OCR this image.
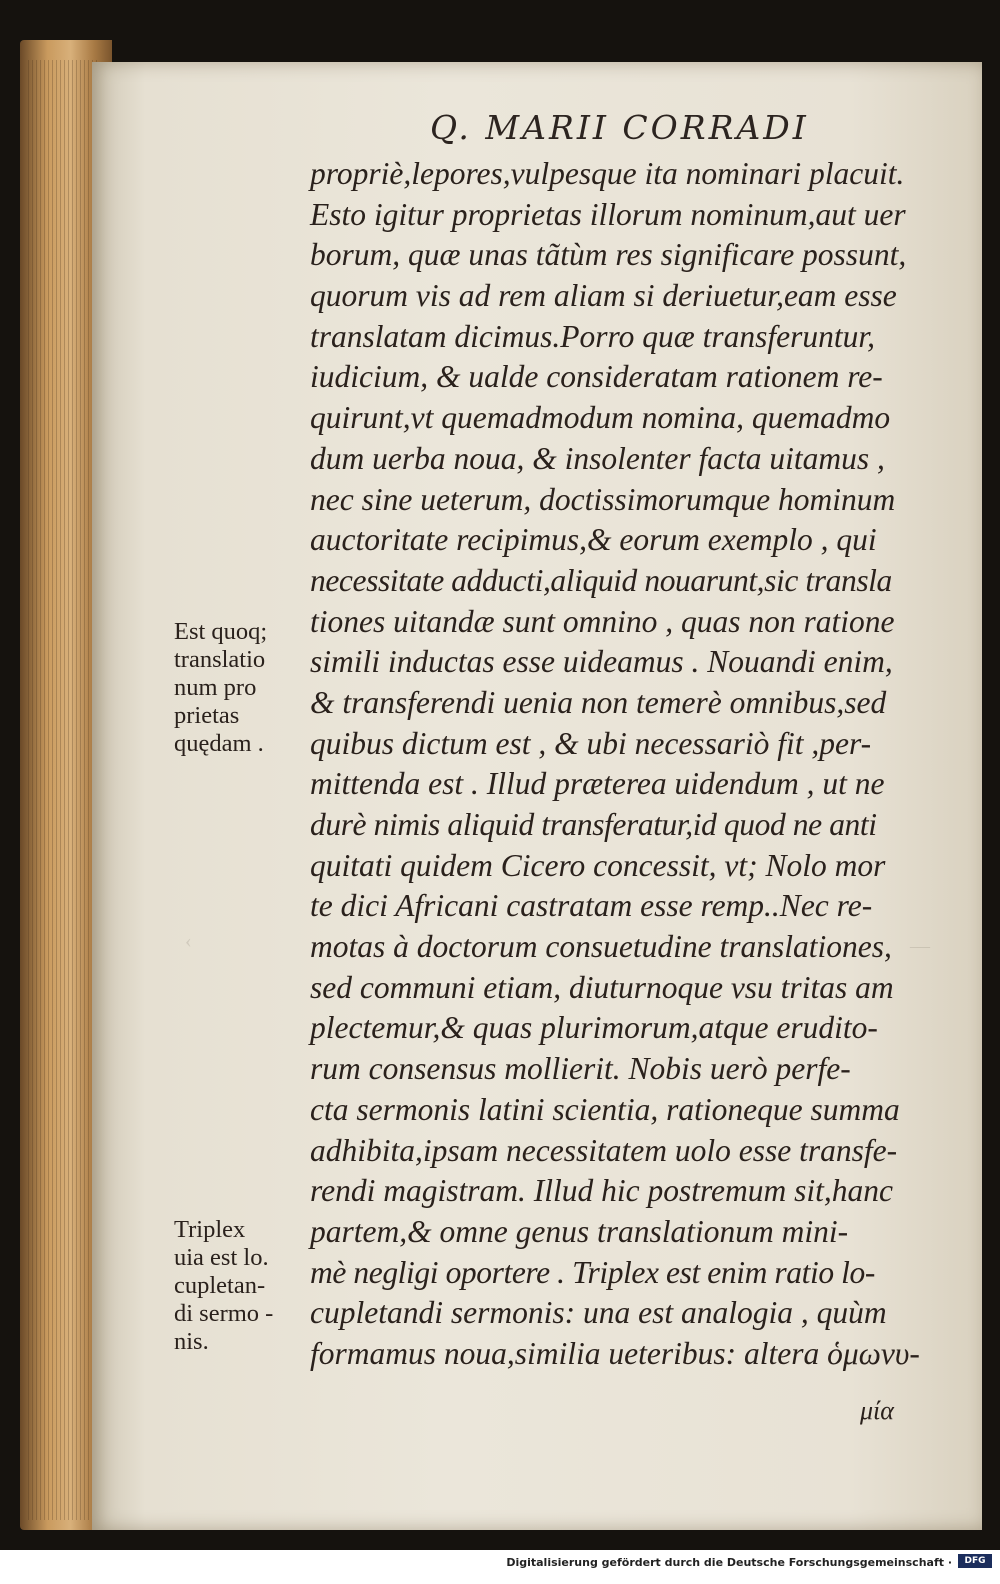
‹	—
Q. MARII CORRADI
propriè,lepores,vulpesque ita nominari placuit.
Esto igitur proprietas illorum nominum,aut uer
borum, quæ unas tãtùm res significare possunt,
quorum vis ad rem aliam si deriuetur,eam esse
translatam dicimus.Porro quæ transferuntur,
iudicium, & ualde consideratam rationem re-
quirunt,vt quemadmodum nomina, quemadmo
dum uerba noua, & insolenter facta uitamus ,
nec sine ueterum, doctissimorumque hominum
auctoritate recipimus,& eorum exemplo , qui
necessitate adducti,aliquid nouarunt,sic transla
tiones uitandæ sunt omnino , quas non ratione
simili inductas esse uideamus . Nouandi enim,
& transferendi uenia non temerè omnibus,sed
quibus dictum est , & ubi necessariò fit ,per-
mittenda est . Illud præterea uidendum , ut ne
durè nimis aliquid transferatur,id quod ne anti
quitati quidem Cicero concessit, vt; Nolo mor
te dici Africani castratam esse remp..Nec re-
motas à doctorum consuetudine translationes,
sed communi etiam, diuturnoque vsu tritas am
plectemur,& quas plurimorum,atque erudito-
rum consensus mollierit. Nobis uerò perfe-
cta sermonis latini scientia, rationeque summa
adhibita,ipsam necessitatem uolo esse transfe-
rendi magistram. Illud hic postremum sit,hanc
partem,& omne genus translationum mini-
mè negligi oportere . Triplex est enim ratio lo-
cupletandi sermonis: una est analogia , quùm
formamus noua,similia ueteribus: altera ὁμωνυ-
μία
Est quoq;
translatio
num pro
prietas
quędam .
Triplex
uia est lo.
cupletan-
di sermo -
nis.
Digitalisierung gefördert durch die Deutsche Forschungsgemeinschaft ·	DFG
